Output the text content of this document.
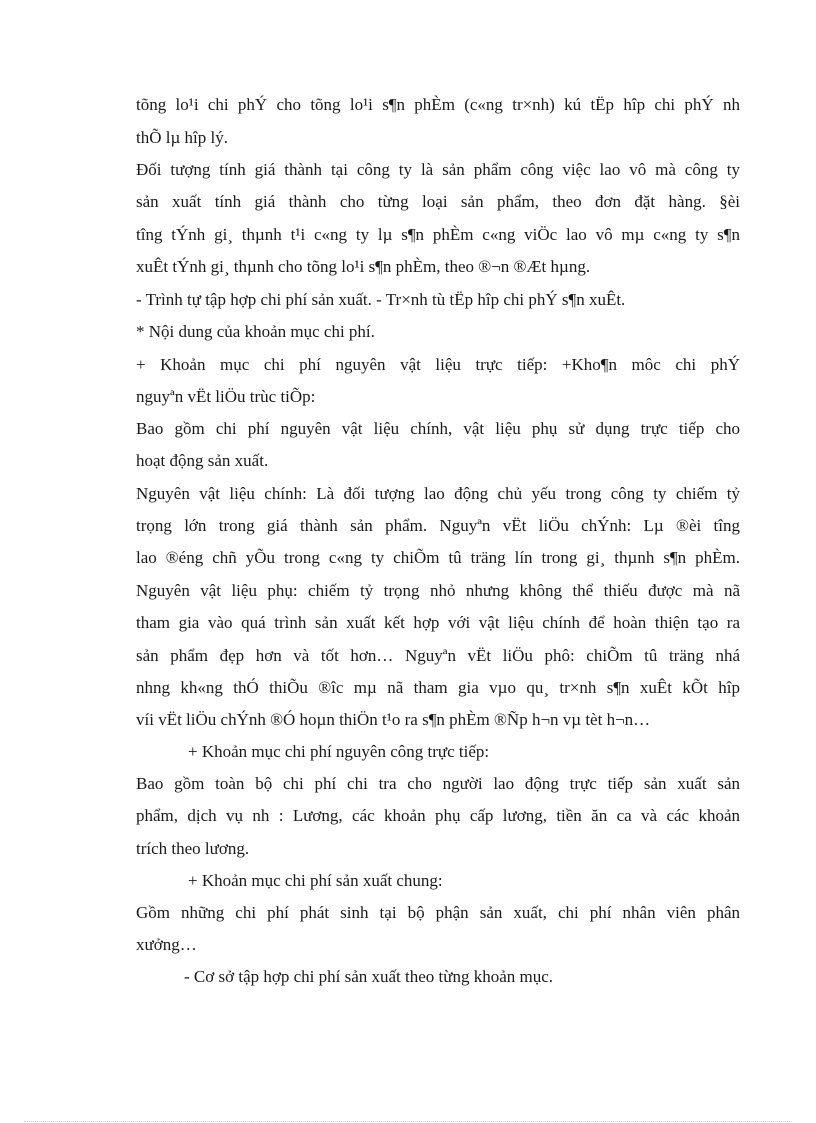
tõng lo¹i chi phÝ cho tõng lo¹i s¶n phÈm (c«ng tr×nh) kú tËp hîp chi phÝ nh
thÕ lµ hîp lý.
Đối tượng tính giá thành tại công ty là sản phẩm công việc lao vô mà công ty
sản xuất tính giá thành cho từng loại sản phẩm, theo đơn đặt hàng. §èi
tîng tÝnh gi¸ thµnh t¹i c«ng ty lµ s¶n phÈm c«ng viÖc lao vô mµ c«ng ty s¶n
xuÊt tÝnh gi¸ thµnh cho tõng lo¹i s¶n phÈm, theo ®¬n ®Æt hµng.
- Trình tự tập hợp chi phí sản xuất. - Tr×nh tù tËp hîp chi phÝ s¶n xuÊt.
* Nội dung của khoản mục chi phí.
+ Khoản mục chi phí nguyên vật liệu trực tiếp: +Kho¶n môc chi phÝ
nguyªn vËt liÖu trùc tiÕp:
Bao gồm chi phí nguyên vật liệu chính, vật liệu phụ sử dụng trực tiếp cho
hoạt động sản xuất.
Nguyên vật liệu chính: Là đối tượng lao động chủ yếu trong công ty chiếm tỷ
trọng lớn trong giá thành sản phẩm. Nguyªn vËt liÖu chÝnh: Lµ ®èi tîng
lao ®éng chñ yÕu trong c«ng ty chiÕm tû träng lín trong gi¸ thµnh s¶n phÈm.
Nguyên vật liệu phụ: chiếm tỷ trọng nhỏ nhưng không thể thiếu được mà nã
tham gia vào quá trình sản xuất kết hợp với vật liệu chính để hoàn thiện tạo ra
sản phẩm đẹp hơn và tốt hơn… Nguyªn vËt liÖu phô: chiÕm tû träng nhá
nhng kh«ng thÓ thiÕu ®îc mµ nã tham gia vµo qu¸ tr×nh s¶n xuÊt kÕt hîp
víi vËt liÖu chÝnh ®Ó hoµn thiÖn t¹o ra s¶n phÈm ®Ñp h¬n vµ tèt h¬n…
+ Khoản mục chi phí nguyên công trực tiếp:
Bao gồm toàn bộ chi phí chi tra cho người lao động trực tiếp sản xuất sản
phẩm, dịch vụ nh : Lương, các khoản phụ cấp lương, tiền ăn ca và các khoản
trích theo lương.
+ Khoản mục chi phí sản xuất chung:
Gồm những chi phí phát sinh tại bộ phận sản xuất, chi phí nhân viên phân
xưởng…
- Cơ sở tập hợp chi phí sản xuất theo từng khoản mục.
